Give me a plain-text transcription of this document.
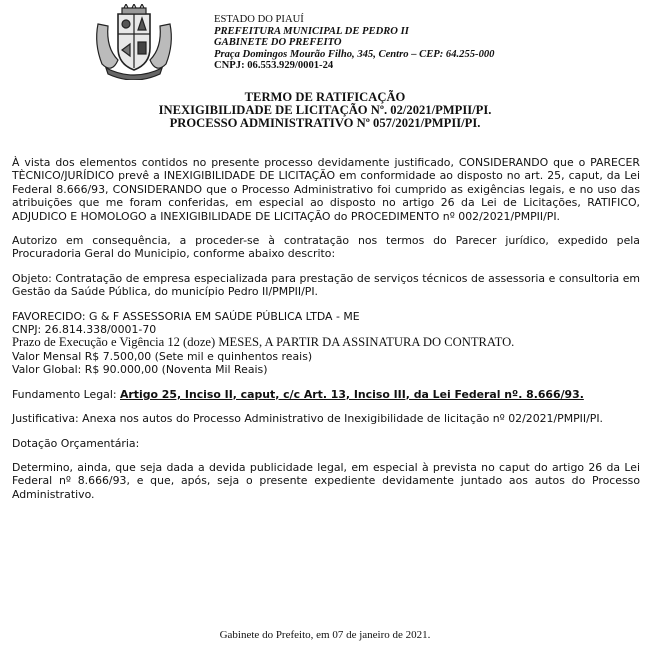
ESTADO DO PIAUÍ
PREFEITURA MUNICIPAL DE PEDRO II
GABINETE DO PREFEITO
Praça Domingos Mourão Filho, 345, Centro – CEP: 64.255-000
CNPJ: 06.553.929/0001-24
TERMO DE RATIFICAÇÃO
INEXIGIBILIDADE DE LICITAÇÃO Nº. 02/2021/PMPII/PI.
PROCESSO ADMINISTRATIVO Nº 057/2021/PMPII/PI.

À vista dos elementos contidos no presente processo devidamente justificado, CONSIDERANDO que o PARECER TÈCNICO/JURÍDICO prevê a INEXIGIBILIDADE DE LICITAÇÃO em conformidade ao disposto no art. 25, caput, da Lei Federal 8.666/93, CONSIDERANDO que o Processo Administrativo foi cumprido as exigências legais, e no uso das atribuições que me foram conferidas, em especial ao disposto no artigo 26 da Lei de Licitações, RATIFICO, ADJUDICO E HOMOLOGO a INEXIGIBILIDADE DE LICITAÇÃO do PROCEDIMENTO nº 002/2021/PMPII/PI.

Autorizo em consequência, a proceder-se à contratação nos termos do Parecer jurídico, expedido pela Procuradoria Geral do Municipio, conforme abaixo descrito:

Objeto: Contratação de empresa especializada para prestação de serviços técnicos de assessoria e consultoria em Gestão da Saúde Pública, do município Pedro II/PMPII/PI.

FAVORECIDO: G & F ASSESSORIA EM SAÚDE PÚBLICA LTDA - ME
CNPJ: 26.814.338/0001-70
Prazo de Execução e Vigência 12 (doze) MESES, A PARTIR DA ASSINATURA DO CONTRATO.
Valor Mensal R$ 7.500,00 (Sete mil e quinhentos reais)
Valor Global: R$ 90.000,00 (Noventa Mil Reais)

Fundamento Legal: Artigo 25, Inciso II, caput, c/c Art. 13, Inciso III, da Lei Federal nº. 8.666/93.

Justificativa: Anexa nos autos do Processo Administrativo de Inexigibilidade de licitação nº 02/2021/PMPII/PI.

Dotação Orçamentária:

Determino, ainda, que seja dada a devida publicidade legal, em especial à prevista no caput do artigo 26 da Lei Federal nº 8.666/93, e que, após, seja o presente expediente devidamente juntado aos autos do Processo Administrativo.

Gabinete do Prefeito, em 07 de janeiro de 2021.
